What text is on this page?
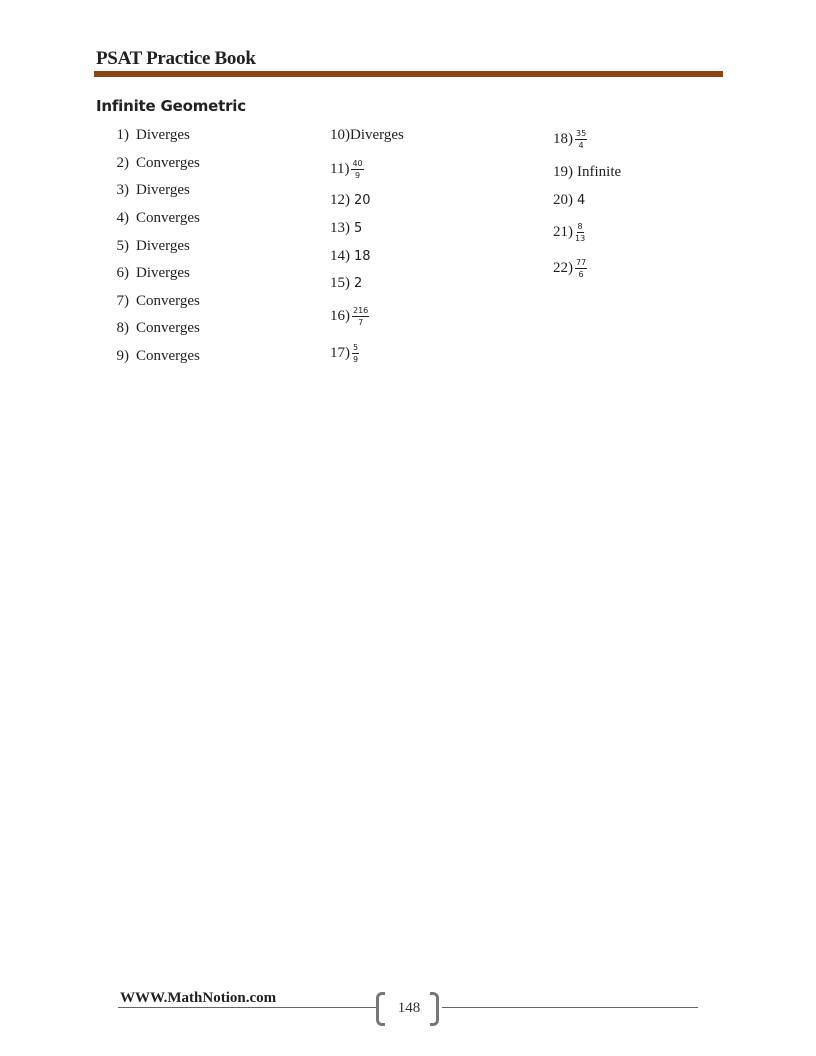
PSAT Practice Book
Infinite Geometric
1) Diverges
2) Converges
3) Diverges
4) Converges
5) Diverges
6) Diverges
7) Converges
8) Converges
9) Converges
10) Diverges
$11) \frac{40}{9}$
12) 20
13) 5
14) 18
15) 2
$16) \frac{216}{7}$
$17) \frac{5}{9}$
$18) \frac{35}{4}$
19) Infinite
20) 4
$21) \frac{8}{13}$
$22) \frac{77}{6}$
WWW.MathNotion.com
148
